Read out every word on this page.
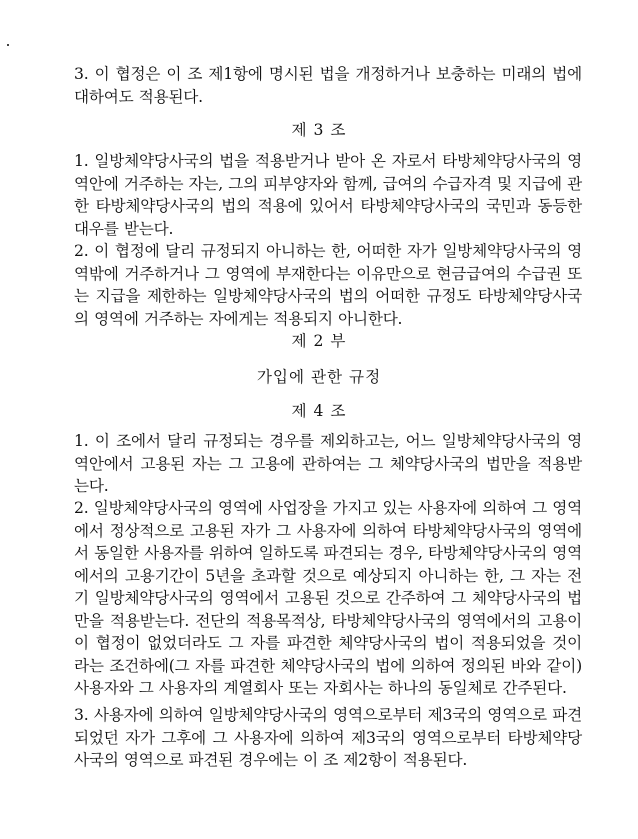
3. 이 협정은 이 조 제1항에 명시된 법을 개정하거나 보충하는 미래의 법에 대하여도 적용된다.

제 3 조

1. 일방체약당사국의 법을 적용받거나 받아 온 자로서 타방체약당사국의 영역안에 거주하는 자는, 그의 피부양자와 함께, 급여의 수급자격 및 지급에 관한 타방체약당사국의 법의 적용에 있어서 타방체약당사국의 국민과 동등한 대우를 받는다.

2. 이 협정에 달리 규정되지 아니하는 한, 어떠한 자가 일방체약당사국의 영역밖에 거주하거나 그 영역에 부재한다는 이유만으로 현금급여의 수급권 또는 지급을 제한하는 일방체약당사국의 법의 어떠한 규정도 타방체약당사국의 영역에 거주하는 자에게는 적용되지 아니한다.

제 2 부

가입에 관한 규정

제 4 조

1. 이 조에서 달리 규정되는 경우를 제외하고는, 어느 일방체약당사국의 영역안에서 고용된 자는 그 고용에 관하여는 그 체약당사국의 법만을 적용받는다.

2. 일방체약당사국의 영역에 사업장을 가지고 있는 사용자에 의하여 그 영역에서 정상적으로 고용된 자가 그 사용자에 의하여 타방체약당사국의 영역에서 동일한 사용자를 위하여 일하도록 파견되는 경우, 타방체약당사국의 영역에서의 고용기간이 5년을 초과할 것으로 예상되지 아니하는 한, 그 자는 전기 일방체약당사국의 영역에서 고용된 것으로 간주하여 그 체약당사국의 법만을 적용받는다. 전단의 적용목적상, 타방체약당사국의 영역에서의 고용이 이 협정이 없었더라도 그 자를 파견한 체약당사국의 법이 적용되었을 것이라는 조건하에(그 자를 파견한 체약당사국의 법에 의하여 정의된 바와 같이) 사용자와 그 사용자의 계열회사 또는 자회사는 하나의 동일체로 간주된다.

3. 사용자에 의하여 일방체약당사국의 영역으로부터 제3국의 영역으로 파견되었던 자가 그후에 그 사용자에 의하여 제3국의 영역으로부터 타방체약당사국의 영역으로 파견된 경우에는 이 조 제2항이 적용된다.
